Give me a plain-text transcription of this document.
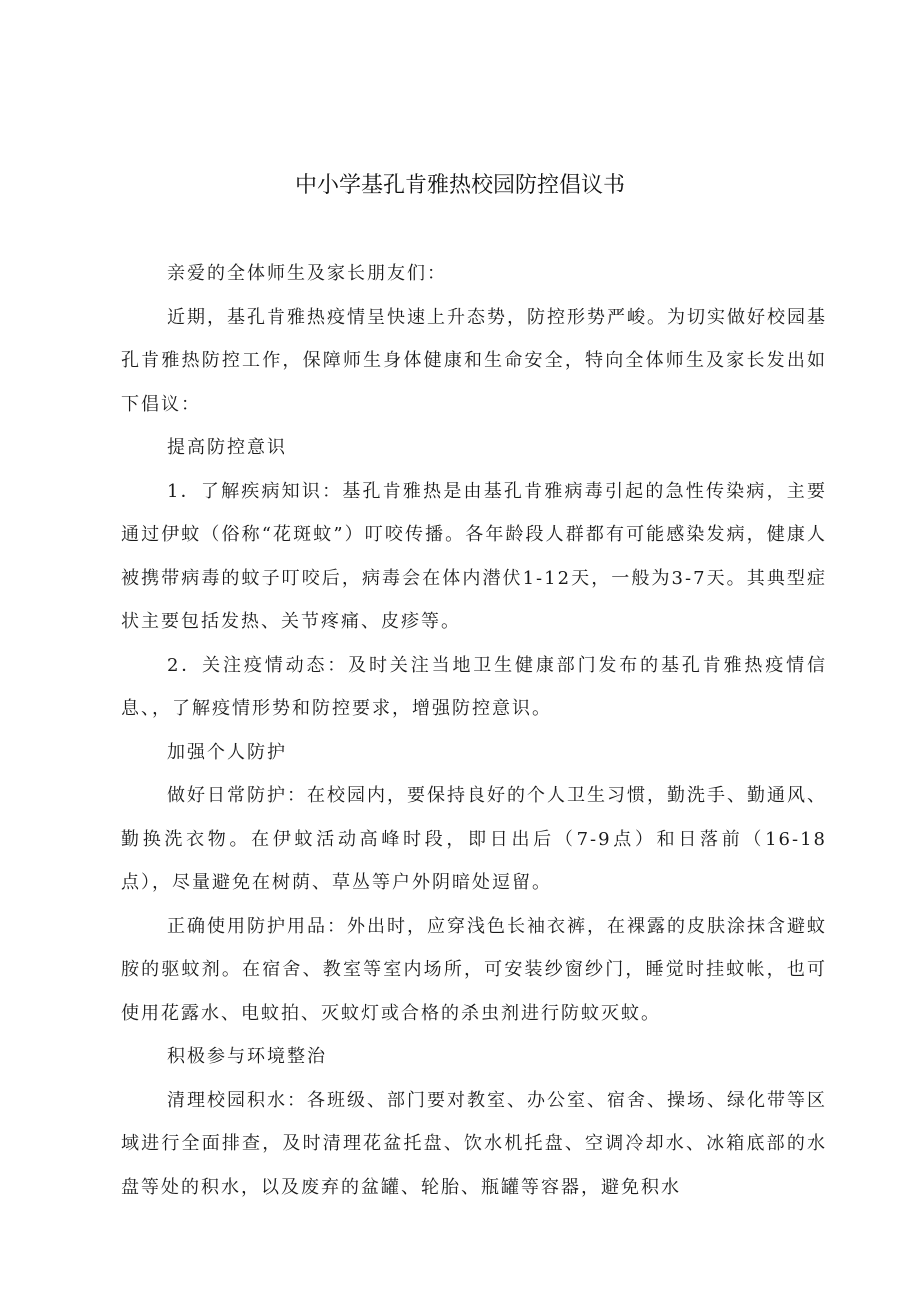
中小学基孔肯雅热校园防控倡议书

亲爱的全体师生及家长朋友们：

近期，基孔肯雅热疫情呈快速上升态势，防控形势严峻。为切实做好校园基孔肯雅热防控工作，保障师生身体健康和生命安全，特向全体师生及家长发出如下倡议：

提高防控意识

1．了解疾病知识：基孔肯雅热是由基孔肯雅病毒引起的急性传染病，主要通过伊蚊（俗称“花斑蚊”）叮咬传播。各年龄段人群都有可能感染发病，健康人被携带病毒的蚊子叮咬后，病毒会在体内潜伏1-12天，一般为3-7天。其典型症状主要包括发热、关节疼痛、皮疹等。

2．关注疫情动态：及时关注当地卫生健康部门发布的基孔肯雅热疫情信息、，了解疫情形势和防控要求，增强防控意识。

加强个人防护

做好日常防护：在校园内，要保持良好的个人卫生习惯，勤洗手、勤通风、勤换洗衣物。在伊蚊活动高峰时段，即日出后（7-9点）和日落前（16-18点），尽量避免在树荫、草丛等户外阴暗处逗留。

正确使用防护用品：外出时，应穿浅色长袖衣裤，在裸露的皮肤涂抹含避蚊胺的驱蚊剂。在宿舍、教室等室内场所，可安装纱窗纱门，睡觉时挂蚊帐，也可使用花露水、电蚊拍、灭蚊灯或合格的杀虫剂进行防蚊灭蚊。

积极参与环境整治

清理校园积水：各班级、部门要对教室、办公室、宿舍、操场、绿化带等区域进行全面排查，及时清理花盆托盘、饮水机托盘、空调冷却水、冰箱底部的水盘等处的积水，以及废弃的盆罐、轮胎、瓶罐等容器，避免积水
